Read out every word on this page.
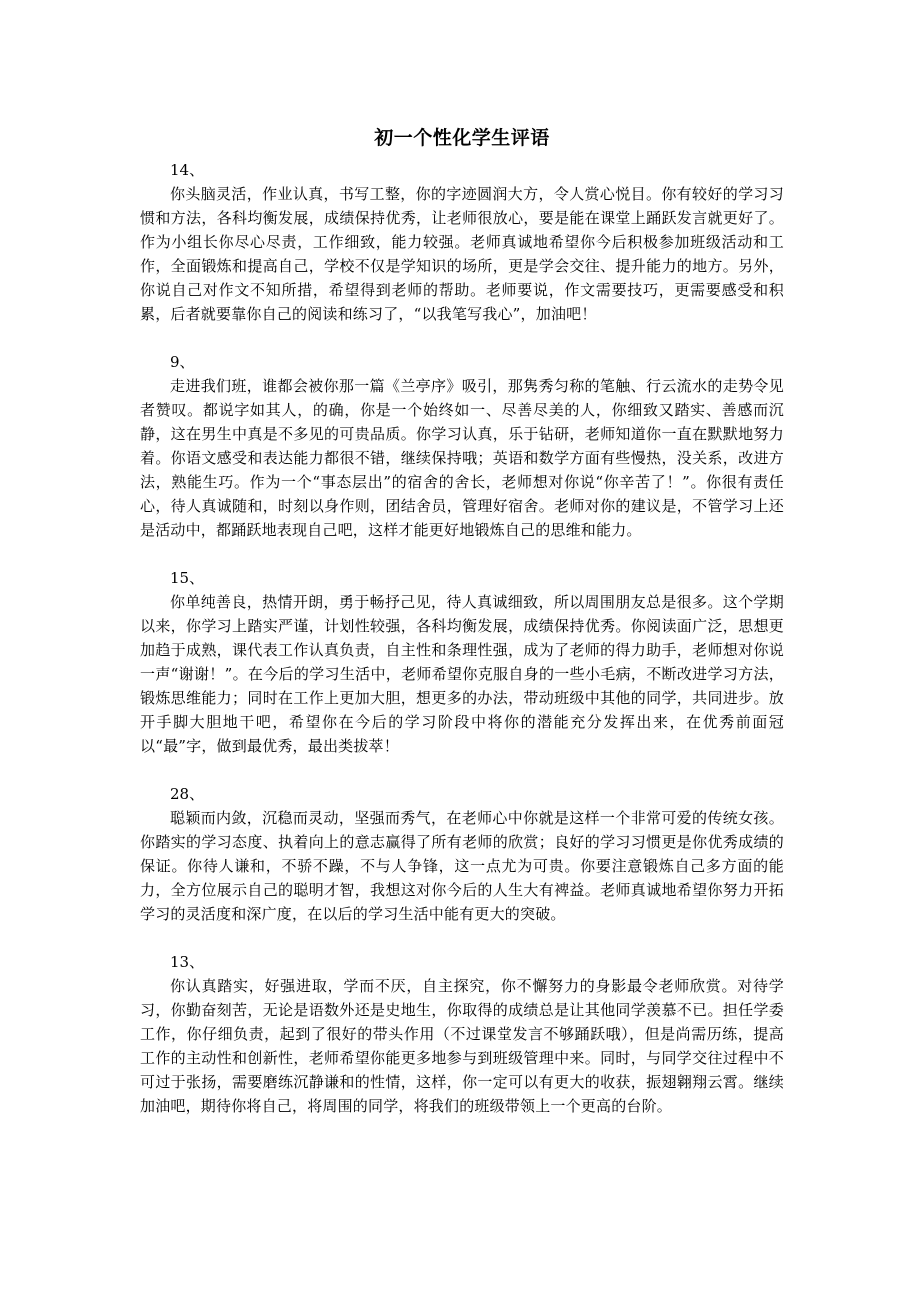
初一个性化学生评语

14、

你头脑灵活，作业认真，书写工整，你的字迹圆润大方，令人赏心悦目。你有较好的学习习惯和方法，各科均衡发展，成绩保持优秀，让老师很放心，要是能在课堂上踊跃发言就更好了。作为小组长你尽心尽责，工作细致，能力较强。老师真诚地希望你今后积极参加班级活动和工作，全面锻炼和提高自己，学校不仅是学知识的场所，更是学会交往、提升能力的地方。另外，你说自己对作文不知所措，希望得到老师的帮助。老师要说，作文需要技巧，更需要感受和积累，后者就要靠你自己的阅读和练习了，“以我笔写我心”，加油吧！

9、

走进我们班，谁都会被你那一篇《兰亭序》吸引，那隽秀匀称的笔触、行云流水的走势令见者赞叹。都说字如其人，的确，你是一个始终如一、尽善尽美的人，你细致又踏实、善感而沉静，这在男生中真是不多见的可贵品质。你学习认真，乐于钻研，老师知道你一直在默默地努力着。你语文感受和表达能力都很不错，继续保持哦；英语和数学方面有些慢热，没关系，改进方法，熟能生巧。作为一个“事态层出”的宿舍的舍长，老师想对你说“你辛苦了！”。你很有责任心，待人真诚随和，时刻以身作则，团结舍员，管理好宿舍。老师对你的建议是，不管学习上还是活动中，都踊跃地表现自己吧，这样才能更好地锻炼自己的思维和能力。

15、

你单纯善良，热情开朗，勇于畅抒己见，待人真诚细致，所以周围朋友总是很多。这个学期以来，你学习上踏实严谨，计划性较强，各科均衡发展，成绩保持优秀。你阅读面广泛，思想更加趋于成熟，课代表工作认真负责，自主性和条理性强，成为了老师的得力助手，老师想对你说一声“谢谢！”。在今后的学习生活中，老师希望你克服自身的一些小毛病，不断改进学习方法，锻炼思维能力；同时在工作上更加大胆，想更多的办法，带动班级中其他的同学，共同进步。放开手脚大胆地干吧，希望你在今后的学习阶段中将你的潜能充分发挥出来，在优秀前面冠以“最”字，做到最优秀，最出类拔萃！

28、

聪颖而内敛，沉稳而灵动，坚强而秀气，在老师心中你就是这样一个非常可爱的传统女孩。你踏实的学习态度、执着向上的意志赢得了所有老师的欣赏；良好的学习习惯更是你优秀成绩的保证。你待人谦和，不骄不躁，不与人争锋，这一点尤为可贵。你要注意锻炼自己多方面的能力，全方位展示自己的聪明才智，我想这对你今后的人生大有裨益。老师真诚地希望你努力开拓学习的灵活度和深广度，在以后的学习生活中能有更大的突破。

13、

你认真踏实，好强进取，学而不厌，自主探究，你不懈努力的身影最令老师欣赏。对待学习，你勤奋刻苦，无论是语数外还是史地生，你取得的成绩总是让其他同学羡慕不已。担任学委工作，你仔细负责，起到了很好的带头作用（不过课堂发言不够踊跃哦），但是尚需历练，提高工作的主动性和创新性，老师希望你能更多地参与到班级管理中来。同时，与同学交往过程中不可过于张扬，需要磨练沉静谦和的性情，这样，你一定可以有更大的收获，振翅翱翔云霄。继续加油吧，期待你将自己，将周围的同学，将我们的班级带领上一个更高的台阶。
